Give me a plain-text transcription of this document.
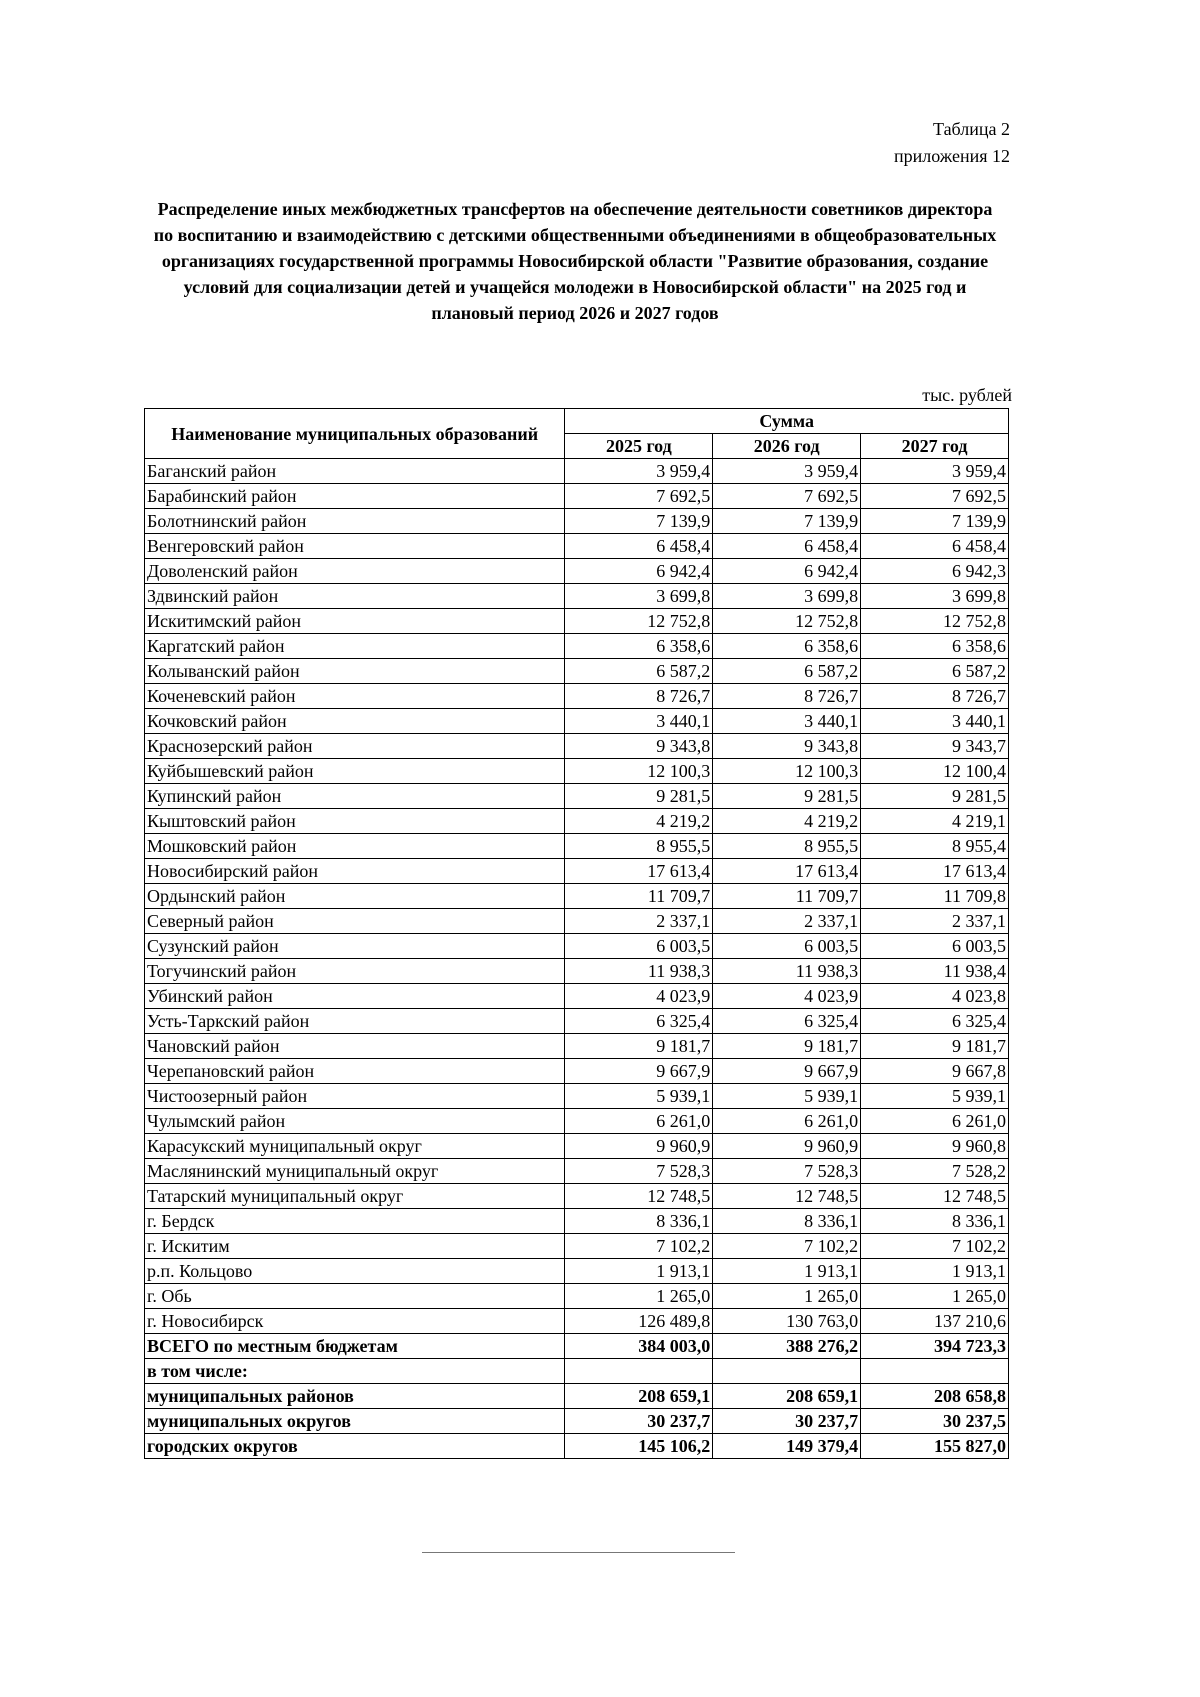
Таблица 2
приложения 12
Распределение иных межбюджетных трансфертов на обеспечение деятельности советников директора по воспитанию и взаимодействию с детскими общественными объединениями в общеобразовательных организациях государственной программы Новосибирской области "Развитие образования, создание условий для социализации детей и учащейся молодежи в Новосибирской области" на 2025 год и плановый период 2026 и 2027 годов
тыс. рублей
Наименование муниципальных образований	Сумма		
	2025 год	2026 год	2027 год
Баганский район	3 959,4	3 959,4	3 959,4
Барабинский район	7 692,5	7 692,5	7 692,5
Болотнинский район	7 139,9	7 139,9	7 139,9
Венгеровский район	6 458,4	6 458,4	6 458,4
Доволенский район	6 942,4	6 942,4	6 942,3
Здвинский район	3 699,8	3 699,8	3 699,8
Искитимский район	12 752,8	12 752,8	12 752,8
Каргатский район	6 358,6	6 358,6	6 358,6
Колыванский район	6 587,2	6 587,2	6 587,2
Коченевский район	8 726,7	8 726,7	8 726,7
Кочковский район	3 440,1	3 440,1	3 440,1
Краснозерский район	9 343,8	9 343,8	9 343,7
Куйбышевский район	12 100,3	12 100,3	12 100,4
Купинский район	9 281,5	9 281,5	9 281,5
Кыштовский район	4 219,2	4 219,2	4 219,1
Мошковский район	8 955,5	8 955,5	8 955,4
Новосибирский район	17 613,4	17 613,4	17 613,4
Ордынский район	11 709,7	11 709,7	11 709,8
Северный район	2 337,1	2 337,1	2 337,1
Сузунский район	6 003,5	6 003,5	6 003,5
Тогучинский район	11 938,3	11 938,3	11 938,4
Убинский район	4 023,9	4 023,9	4 023,8
Усть-Таркский район	6 325,4	6 325,4	6 325,4
Чановский район	9 181,7	9 181,7	9 181,7
Черепановский район	9 667,9	9 667,9	9 667,8
Чистоозерный район	5 939,1	5 939,1	5 939,1
Чулымский район	6 261,0	6 261,0	6 261,0
Карасукский муниципальный округ	9 960,9	9 960,9	9 960,8
Маслянинский муниципальный округ	7 528,3	7 528,3	7 528,2
Татарский муниципальный округ	12 748,5	12 748,5	12 748,5
г. Бердск	8 336,1	8 336,1	8 336,1
г. Искитим	7 102,2	7 102,2	7 102,2
р.п. Кольцово	1 913,1	1 913,1	1 913,1
г. Обь	1 265,0	1 265,0	1 265,0
г. Новосибирск	126 489,8	130 763,0	137 210,6
ВСЕГО по местным бюджетам	384 003,0	388 276,2	394 723,3
в том числе:			
муниципальных районов	208 659,1	208 659,1	208 658,8
муниципальных округов	30 237,7	30 237,7	30 237,5
городских округов	145 106,2	149 379,4	155 827,0
